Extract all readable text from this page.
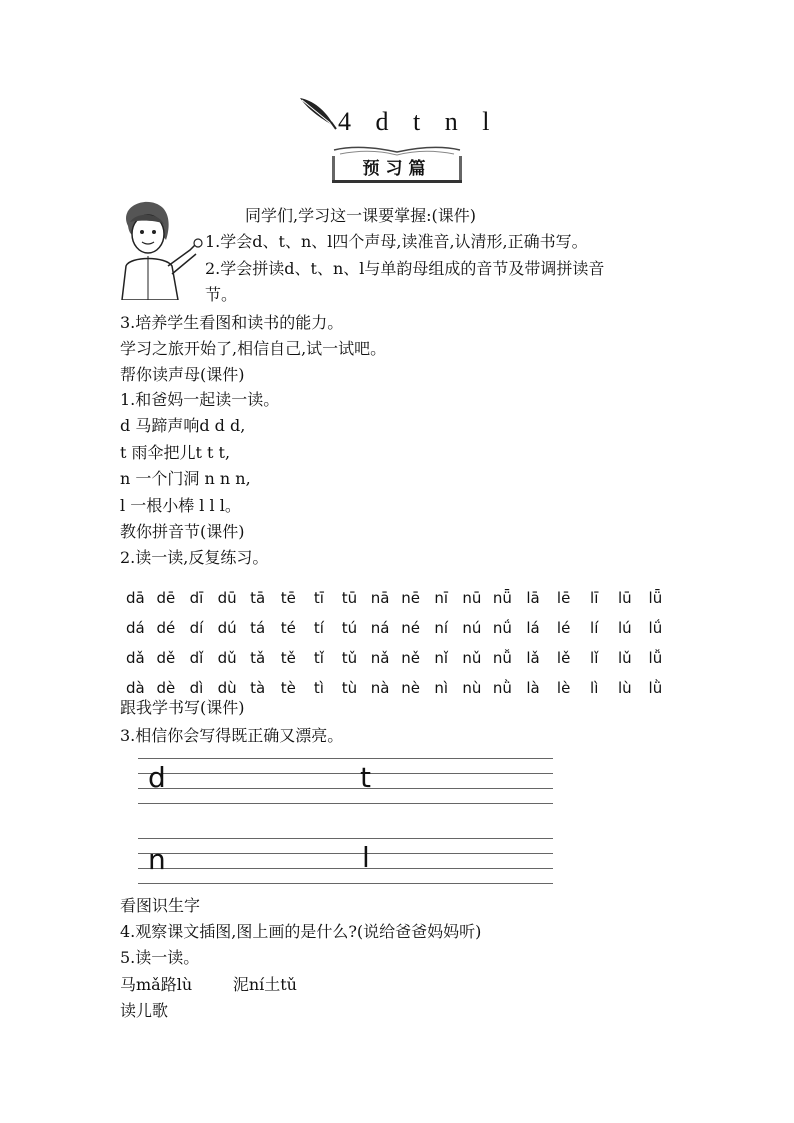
4 d t n l
预习篇
同学们,学习这一课要掌握:(课件)
1.学会d、t、n、l四个声母,读准音,认清形,正确书写。
2.学会拼读d、t、n、l与单韵母组成的音节及带调拼读音
节。
3.培养学生看图和读书的能力。
学习之旅开始了,相信自己,试一试吧。
帮你读声母(课件)
1.和爸妈一起读一读。
d 马蹄声响d d d,
t 雨伞把儿t t t,
n 一个门洞 n n n,
l 一根小棒 l l l。
教你拼音节(课件)
2.读一读,反复练习。
dā dē dī dū tā	tē	tī	tū nā nē nī nū nǖ lā	lē	lī	lū	lǖ
dá dé dí dú tá	té	tí	tú ná né ní nú nǘ lá	lé	lí	lú	lǘ
dǎ dě dǐ dǔ tǎ	tě	tǐ	tǔ nǎ ně nǐ nǔ nǚ lǎ	lě	lǐ	lǔ	lǚ
dà dè dì dù tà	tè	tì	tù nà nè nì nù nǜ là	lè	lì	lù	lǜ
跟我学书写(课件)
3.相信你会写得既正确又漂亮。
d	t
n	l
看图识生字
4.观察课文插图,图上画的是什么?(说给爸爸妈妈听)
5.读一读。
马mǎ路lù        泥ní土tǔ
读儿歌
